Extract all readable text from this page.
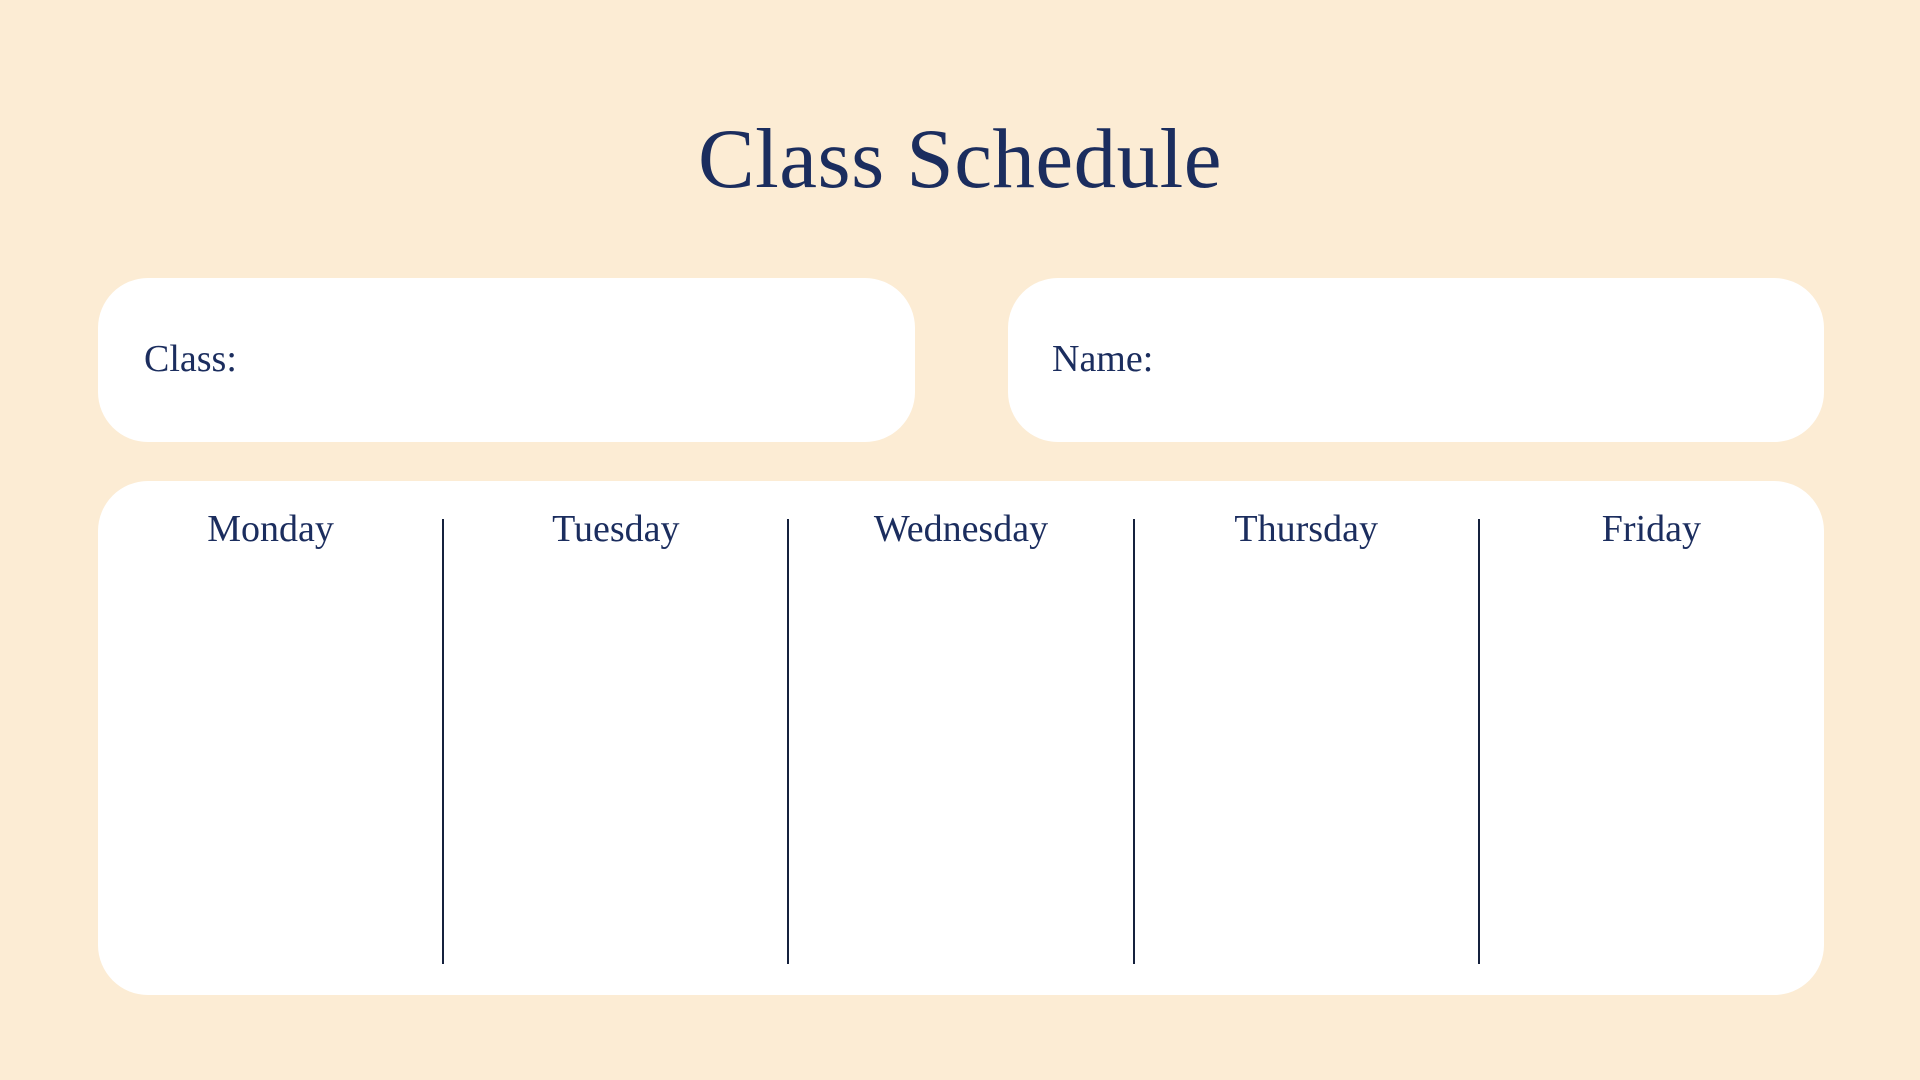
Class Schedule
Class:	Name:
Monday	Tuesday	Wednesday	Thursday	Friday
